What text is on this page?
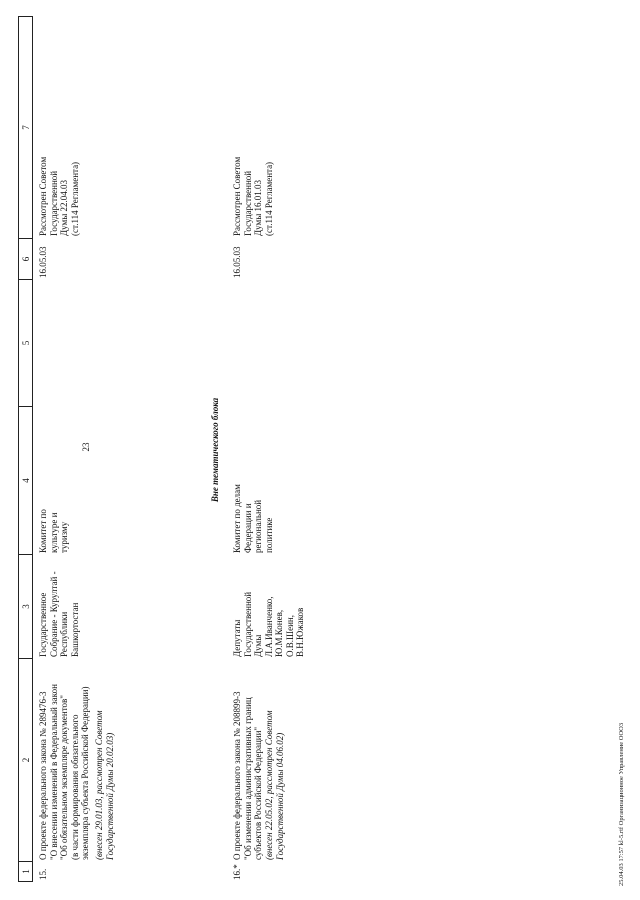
23
1
2
3
4
5
6
7
15.
О проекте федерального закона № 289476-3
"О внесении изменений в Федеральный закон
"Об обязательном экземпляре документов"
(в части формирования обязательного
экземпляра субъекта Российской Федерации)
(внесен 29.01.03, рассмотрен Советом
Государственной Думы 20.02.03)
Государственное
Собрание - Курултай -
Республики
Башкортостан
Комитет по
культуре и
туризму
16.05.03
Рассмотрен Советом
Государственной
Думы 22.04.03
(ст.114 Регламента)
Вне тематического блока
16.*
О проекте федерального закона № 208899-3
"Об изменении административных границ
субъектов Российской Федерации"
(внесен 22.05.02, рассмотрен Советом
Государственной Думы 04.06.02)
Депутаты
Государственной
Думы
Л.А.Иванченко,
Ю.М.Конев,
О.В.Шеин,
В.Н.Южаков
Комитет по делам
Федерации и
региональной
политике
16.05.03
Рассмотрен Советом
Государственной
Думы 16.01.03
(ст.114 Регламента)
25.04.03 17:57 kl-5.rtf Организационное Управление ООО3
